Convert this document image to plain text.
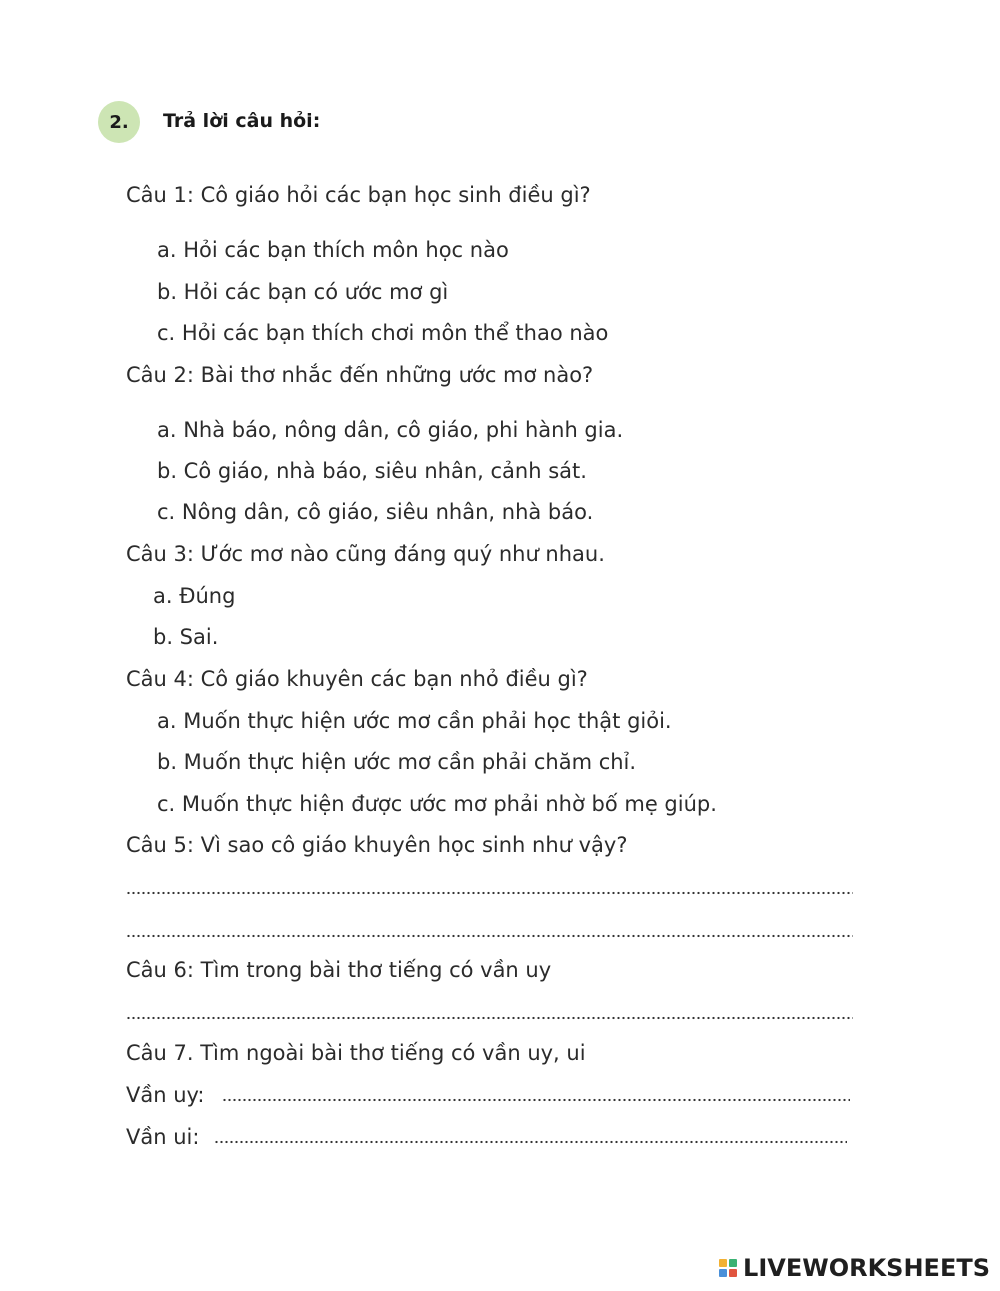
2. Trả lời câu hỏi:
Câu 1: Cô giáo hỏi các bạn học sinh điều gì?
a. Hỏi các bạn thích môn học nào
b. Hỏi các bạn có ước mơ gì
c. Hỏi các bạn thích chơi môn thể thao nào
Câu 2: Bài thơ nhắc đến những ước mơ nào?
a. Nhà báo, nông dân, cô giáo, phi hành gia.
b. Cô giáo, nhà báo, siêu nhân, cảnh sát.
c. Nông dân, cô giáo, siêu nhân, nhà báo.
Câu 3: Ước mơ nào cũng đáng quý như nhau.
a. Đúng
b. Sai.
Câu 4: Cô giáo khuyên các bạn nhỏ điều gì?
a. Muốn thực hiện ước mơ cần phải học thật giỏi.
b. Muốn thực hiện ước mơ cần phải chăm chỉ.
c. Muốn thực hiện được ước mơ phải nhờ bố mẹ giúp.
Câu 5: Vì sao cô giáo khuyên học sinh như vậy?
Câu 6: Tìm trong bài thơ tiếng có vần uy
Câu 7. Tìm ngoài bài thơ tiếng có vần uy, ui
Vần uy:
Vần ui:
LIVEWORKSHEETS
